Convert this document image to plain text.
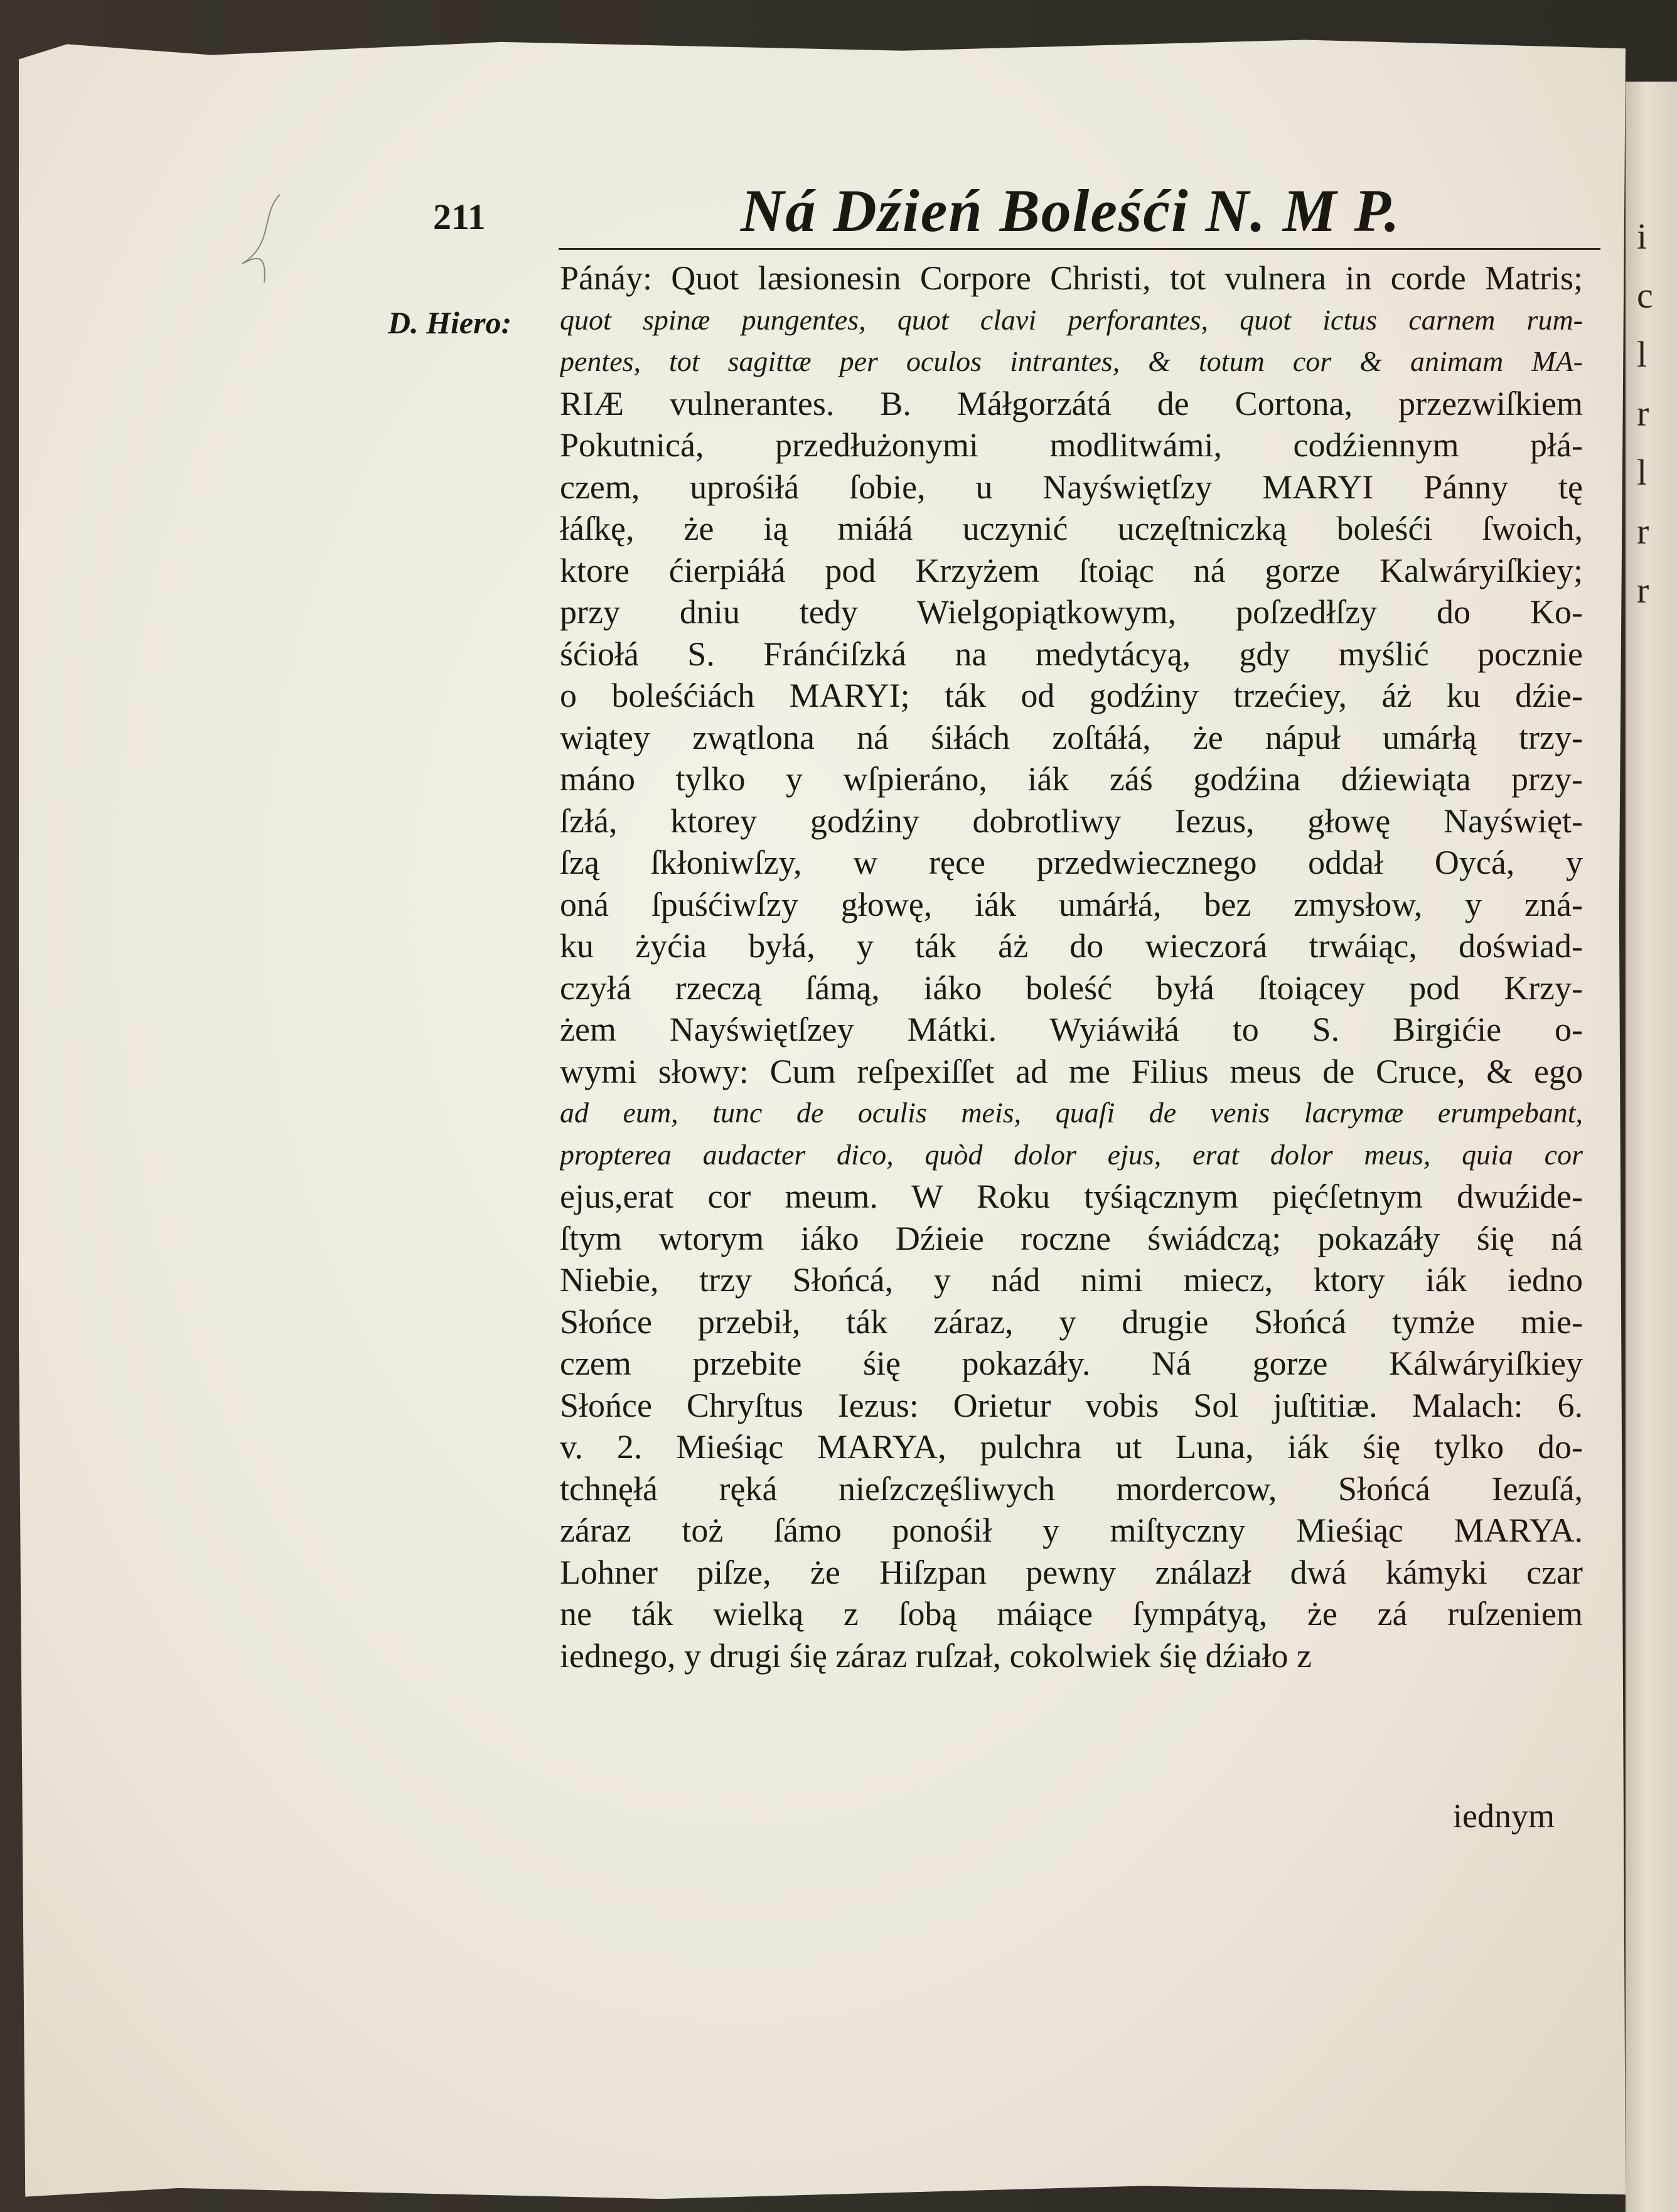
i
c
l
r
l
r
r
211	Ná Dźień Boleśći N. M P.
D. Hiero:
Pánáy: Quot læsionesin Corpore Christi, tot vulnera in corde Matris;
quot spinæ pungentes, quot clavi perforantes, quot ictus carnem rum-
pentes, tot sagittæ per oculos intrantes, & totum cor & animam MA-
RIÆ vulnerantes. B. Máłgorzátá de Cortona, przezwiſkiem
Pokutnicá, przedłużonymi modlitwámi, codźiennym płá-
czem, uprośiłá ſobie, u Nayświętſzy MARYI Pánny tę
łáſkę, że ią miáłá uczynić uczęſtniczką boleśći ſwoich,
ktore ćierpiáłá pod Krzyżem ſtoiąc ná gorze Kalwáryiſkiey;
przy dniu tedy Wielgopiątkowym, poſzedłſzy do Ko-
śćiołá S. Fránćiſzká na medytácyą, gdy myślić pocznie
o boleśćiách MARYI; ták od godźiny trzećiey, áż ku dźie-
wiątey zwątlona ná śiłách zoſtáłá, że nápuł umárłą trzy-
máno tylko y wſpieráno, iák záś godźina dźiewiąta przy-
ſzłá, ktorey godźiny dobrotliwy Iezus, głowę Nayświęt-
ſzą ſkłoniwſzy, w ręce przedwiecznego oddał Oycá, y
oná ſpuśćiwſzy głowę, iák umárłá, bez zmysłow, y zná-
ku żyćia byłá, y ták áż do wieczorá trwáiąc, doświad-
czyłá rzeczą ſámą, iáko boleść byłá ſtoiącey pod Krzy-
żem Nayświętſzey Mátki. Wyiáwiłá to S. Birgićie o-
wymi słowy: Cum reſpexiſſet ad me Filius meus de Cruce, & ego
ad eum, tunc de oculis meis, quaſi de venis lacrymæ erumpebant,
propterea audacter dico, quòd dolor ejus, erat dolor meus, quia cor
ejus,erat cor meum. W Roku tyśiącznym pięćſetnym dwuźide-
ſtym wtorym iáko Dźieie roczne świádczą; pokazáły śię ná
Niebie, trzy Słońcá, y nád nimi miecz, ktory iák iedno
Słońce przebił, ták záraz, y drugie Słońcá tymże mie-
czem przebite śię pokazáły. Ná gorze Kálwáryiſkiey
Słońce Chryſtus Iezus: Orietur vobis Sol juſtitiæ. Malach: 6.
v. 2. Mieśiąc MARYA, pulchra ut Luna, iák śię tylko do-
tchnęłá ręká nieſzczęśliwych mordercow, Słońcá Iezuſá,
záraz toż ſámo ponośił y miſtyczny Mieśiąc MARYA.
Lohner piſze, że Hiſzpan pewny ználazł dwá kámyki czar
ne ták wielką z ſobą máiące ſympátyą, że zá ruſzeniem
iednego, y drugi śię záraz ruſzał, cokolwiek śię dźiało z
iednym
